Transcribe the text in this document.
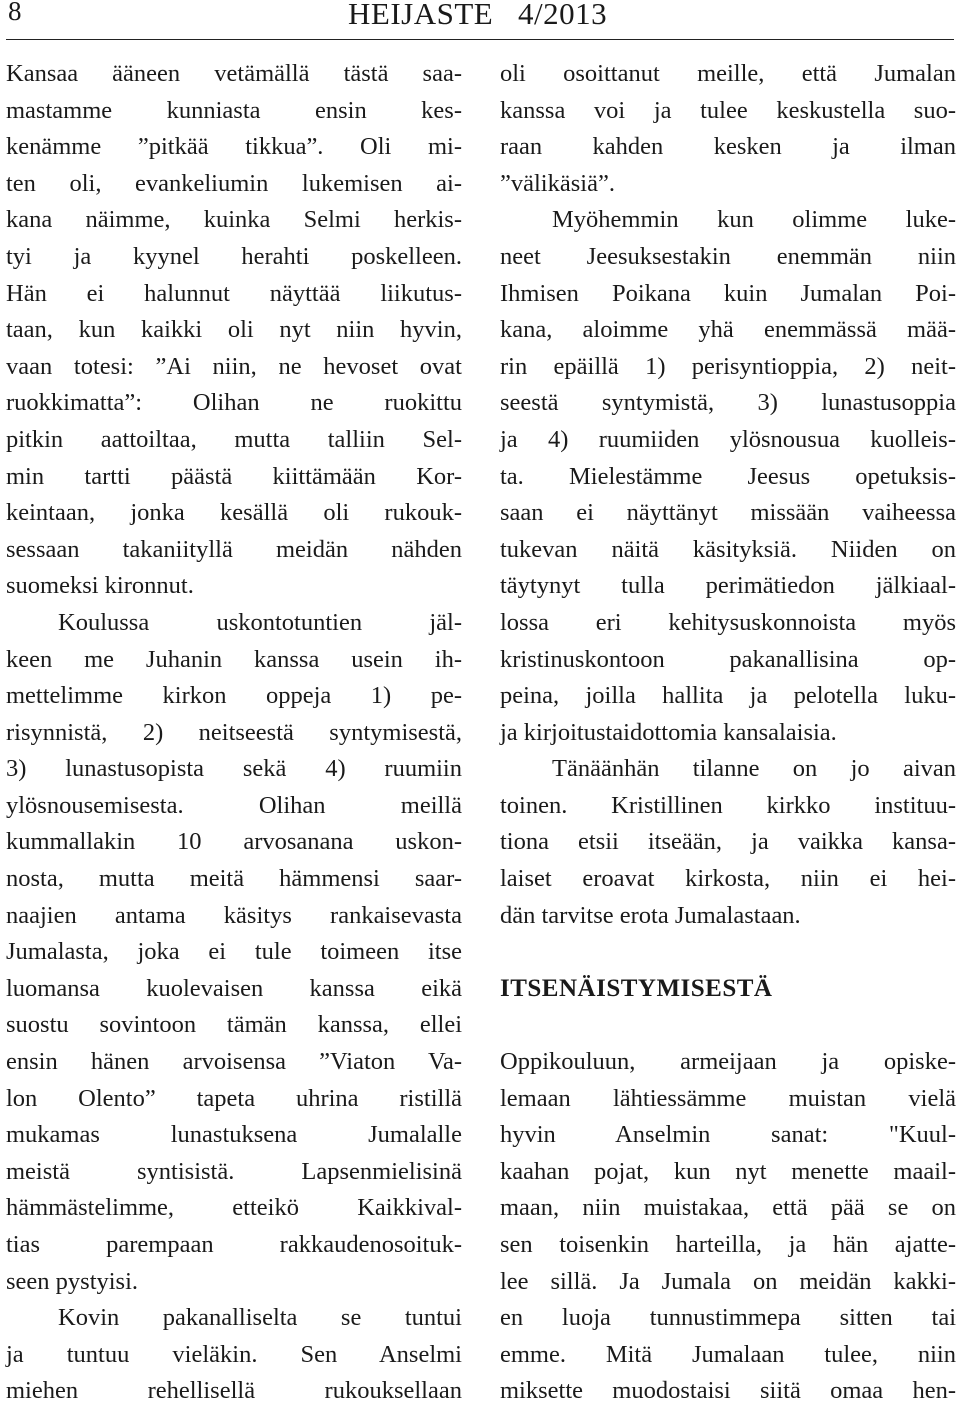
8	HEIJASTE   4/2013
Kansaa ääneen vetämällä tästä saa-
mastamme kunniasta ensin kes-
kenämme ”pitkää tikkua”. Oli mi-
ten oli, evankeliumin lukemisen ai-
kana näimme, kuinka Selmi herkis-
tyi ja kyynel herahti poskelleen.
Hän ei halunnut näyttää liikutus-
taan, kun kaikki oli nyt niin hyvin,
vaan totesi: ”Ai niin, ne hevoset ovat
ruokkimatta”: Olihan ne ruokittu
pitkin aattoiltaa, mutta talliin Sel-
min tartti päästä kiittämään Kor-
keintaan, jonka kesällä oli rukouk-
sessaan takaniityllä meidän nähden
suomeksi kironnut.
Koulussa uskontotuntien jäl-
keen me Juhanin kanssa usein ih-
mettelimme kirkon oppeja 1) pe-
risynnistä, 2) neitseestä syntymisestä,
3) lunastusopista sekä 4) ruumiin
ylösnousemisesta. Olihan meillä
kummallakin 10 arvosanana uskon-
nosta, mutta meitä hämmensi saar-
naajien antama käsitys rankaisevasta
Jumalasta, joka ei tule toimeen itse
luomansa kuolevaisen kanssa eikä
suostu sovintoon tämän kanssa, ellei
ensin hänen arvoisensa ”Viaton Va-
lon Olento” tapeta uhrina ristillä
mukamas lunastuksena Jumalalle
meistä syntisistä. Lapsenmielisinä
hämmästelimme, etteikö Kaikkival-
tias parempaan rakkaudenosoituk-
seen pystyisi.
Kovin pakanalliselta se tuntui
ja tuntuu vieläkin. Sen Anselmi
miehen rehellisellä rukouksellaan
oli osoittanut meille, että Jumalan
kanssa voi ja tulee keskustella suo-
raan kahden kesken ja ilman
”välikäsiä”.
Myöhemmin kun olimme luke-
neet Jeesuksestakin enemmän niin
Ihmisen Poikana kuin Jumalan Poi-
kana, aloimme yhä enemmässä mää-
rin epäillä 1) perisyntioppia, 2) neit-
seestä syntymistä, 3) lunastusoppia
ja 4) ruumiiden ylösnousua kuolleis-
ta. Mielestämme Jeesus opetuksis-
saan ei näyttänyt missään vaiheessa
tukevan näitä käsityksiä. Niiden on
täytynyt tulla perimätiedon jälkiaal-
lossa eri kehitysuskonnoista myös
kristinuskontoon pakanallisina op-
peina, joilla hallita ja pelotella luku-
ja kirjoitustaidottomia kansalaisia.
Tänäänhän tilanne on jo aivan
toinen. Kristillinen kirkko instituu-
tiona etsii itseään, ja vaikka kansa-
laiset eroavat kirkosta, niin ei hei-
dän tarvitse erota Jumalastaan.
ITSENÄISTYMISESTÄ
Oppikouluun, armeijaan ja opiske-
lemaan lähtiessämme muistan vielä
hyvin Anselmin sanat: "Kuul-
kaahan pojat, kun nyt menette maail-
maan, niin muistakaa, että pää se on
sen toisenkin harteilla, ja hän ajatte-
lee sillä. Ja Jumala on meidän kakki-
en luoja tunnustimmepa sitten tai
emme. Mitä Jumalaan tulee, niin
miksette muodostaisi siitä omaa hen-
